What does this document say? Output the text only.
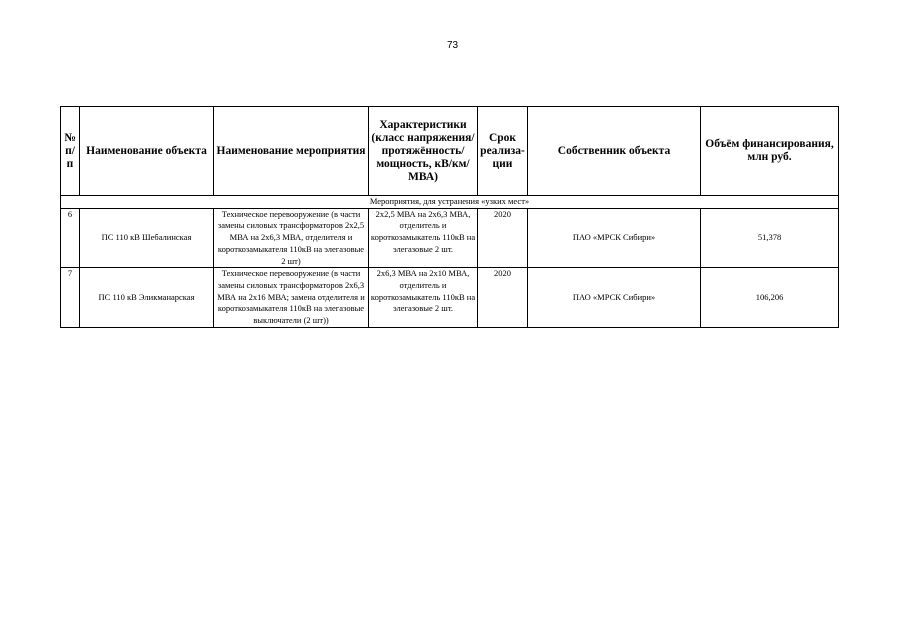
73
№ п/п	Наименование объекта	Наименование мероприятия	Характеристики (класс напряжения/ протяжённость/ мощность, кВ/км/МВА)	Срок реализа-ции	Собственник объекта	Объём финансирования, млн руб.
Мероприятия, для устранения «узких мест»						
6	ПС 110 кВ Шебалинская	Техническое перевооружение (в части замены силовых трансформаторов 2х2,5 МВА на 2х6,3 МВА, отделителя и короткозамыкателя 110кВ на элегазовые 2 шт)	2х2,5 МВА на 2х6,3 МВА, отделитель и короткозамыкатель 110кВ на элегазовые 2 шт.	2020	ПАО «МРСК Сибири»	51,378
7	ПС 110 кВ Эликманарская	Техническое перевооружение (в части замены силовых трансформаторов 2х6,3 МВА на 2х16 МВА; замена отделителя и короткозамыкателя 110кВ на элегазовые выключатели (2 шт))	2х6,3 МВА на 2х10 МВА, отделитель и короткозамыкатель 110кВ на элегазовые 2 шт.	2020	ПАО «МРСК Сибири»	106,206
